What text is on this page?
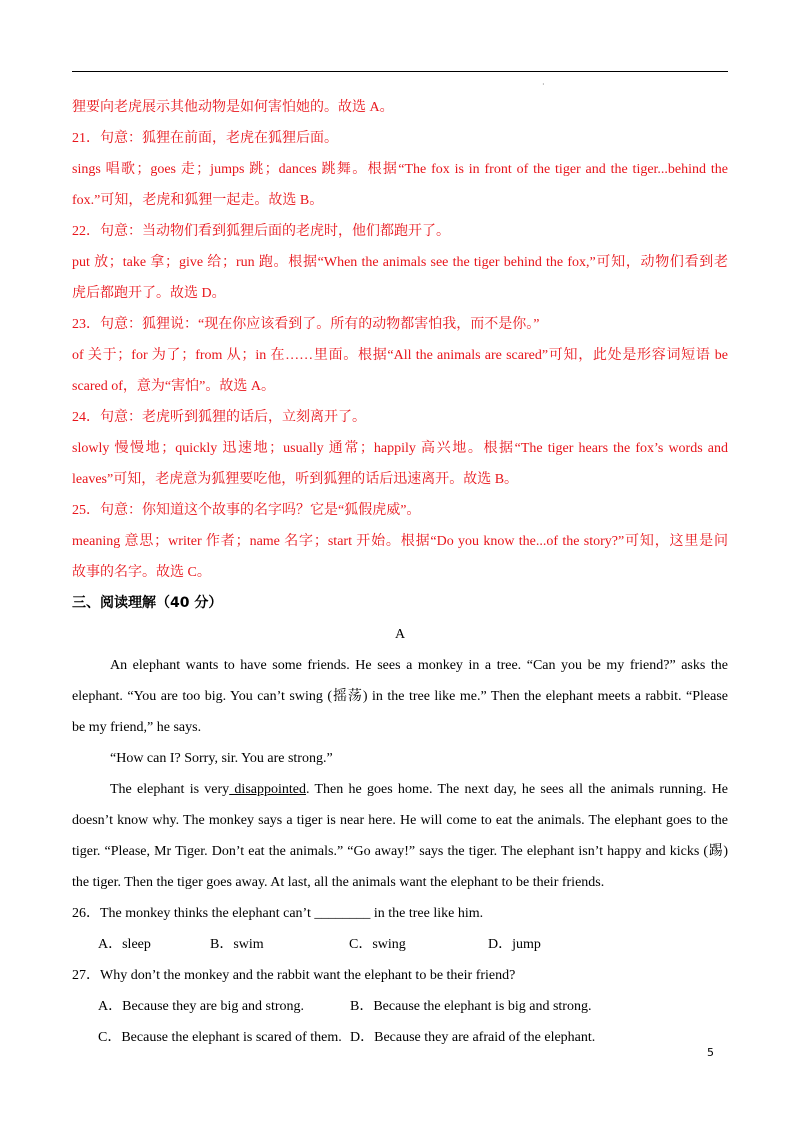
·

狸要向老虎展示其他动物是如何害怕她的。故选 A。

21．句意：狐狸在前面，老虎在狐狸后面。

sings 唱歌；goes 走；jumps 跳；dances 跳舞。根据“The fox is in front of the tiger and the tiger...behind the

fox.”可知，老虎和狐狸一起走。故选 B。

22．句意：当动物们看到狐狸后面的老虎时，他们都跑开了。

put 放；take 拿；give 给；run 跑。根据“When the animals see the tiger behind the fox,”可知，动物们看到老

虎后都跑开了。故选 D。

23．句意：狐狸说：“现在你应该看到了。所有的动物都害怕我，而不是你。”

of 关于；for 为了；from 从；in 在……里面。根据“All the animals are scared”可知，此处是形容词短语 be

scared of，意为“害怕”。故选 A。

24．句意：老虎听到狐狸的话后，立刻离开了。

slowly 慢慢地；quickly 迅速地；usually 通常；happily 高兴地。根据“The tiger hears the fox’s words and

leaves”可知，老虎意为狐狸要吃他，听到狐狸的话后迅速离开。故选 B。

25．句意：你知道这个故事的名字吗？它是“狐假虎威”。

meaning 意思；writer 作者；name 名字；start 开始。根据“Do you know the...of the story?”可知，这里是问

故事的名字。故选 C。

三、阅读理解（40 分）

A

An elephant wants to have some friends. He sees a monkey in a tree. “Can you be my friend?” asks the

elephant. “You are too big. You can’t swing (摇荡) in the tree like me.” Then the elephant meets a rabbit. “Please

be my friend,” he says.

“How can I? Sorry, sir. You are strong.”

The elephant is very disappointed. Then he goes home. The next day, he sees all the animals running. He

doesn’t know why. The monkey says a tiger is near here. He will come to eat the animals. The elephant goes to the

tiger. “Please, Mr Tiger. Don’t eat the animals.” “Go away!” says the tiger. The elephant isn’t happy and kicks (踢)

the tiger. Then the tiger goes away. At last, all the animals want the elephant to be their friends.

26．The monkey thinks the elephant can’t ________ in the tree like him.

A．sleep	B．swim	C．swing	D．jump

27．Why don’t the monkey and the rabbit want the elephant to be their friend?

A．Because they are big and strong.	B．Because the elephant is big and strong.

C．Because the elephant is scared of them. D．Because they are afraid of the elephant.

5
